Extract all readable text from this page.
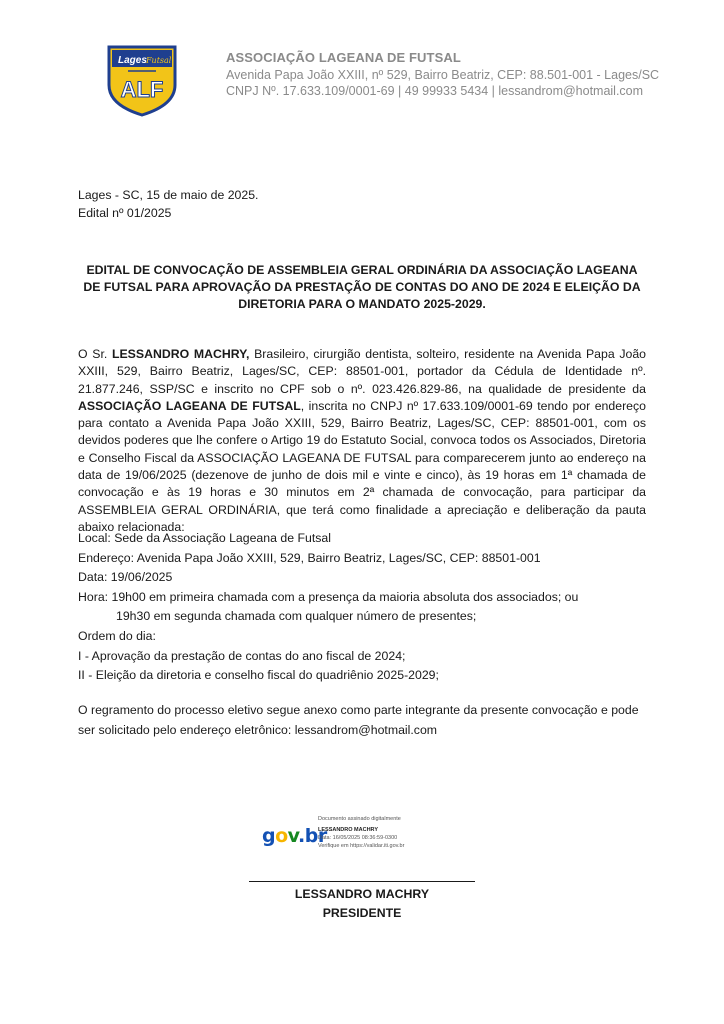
Lages Futsal
ALF
ASSOCIAÇÃO LAGEANA DE FUTSAL
Avenida Papa João XXIII, nº 529, Bairro Beatriz, CEP: 88.501-001 - Lages/SC
CNPJ Nº. 17.633.109/0001-69 | 49 99933 5434 | lessandrom@hotmail.com
Lages - SC, 15 de maio de 2025.
Edital nº 01/2025
EDITAL DE CONVOCAÇÃO DE ASSEMBLEIA GERAL ORDINÁRIA DA ASSOCIAÇÃO LAGEANA DE FUTSAL PARA APROVAÇÃO DA PRESTAÇÃO DE CONTAS DO ANO DE 2024 E ELEIÇÃO DA DIRETORIA PARA O MANDATO 2025-2029.
O Sr. LESSANDRO MACHRY, Brasileiro, cirurgião dentista, solteiro, residente na Avenida Papa João XXIII, 529, Bairro Beatriz, Lages/SC, CEP: 88501-001, portador da Cédula de Identidade nº. 21.877.246, SSP/SC e inscrito no CPF sob o nº. 023.426.829-86, na qualidade de presidente da ASSOCIAÇÃO LAGEANA DE FUTSAL, inscrita no CNPJ nº 17.633.109/0001-69 tendo por endereço para contato a Avenida Papa João XXIII, 529, Bairro Beatriz, Lages/SC, CEP: 88501-001, com os devidos poderes que lhe confere o Artigo 19 do Estatuto Social, convoca todos os Associados, Diretoria e Conselho Fiscal da ASSOCIAÇÃO LAGEANA DE FUTSAL para comparecerem junto ao endereço na data de 19/06/2025 (dezenove de junho de dois mil e vinte e cinco), às 19 horas em 1ª chamada de convocação e às 19 horas e 30 minutos em 2ª chamada de convocação, para participar da ASSEMBLEIA GERAL ORDINÁRIA, que terá como finalidade a apreciação e deliberação da pauta abaixo relacionada:
Local: Sede da Associação Lageana de Futsal
Endereço: Avenida Papa João XXIII, 529, Bairro Beatriz, Lages/SC, CEP: 88501-001
Data: 19/06/2025
Hora: 19h00 em primeira chamada com a presença da maioria absoluta dos associados; ou
19h30 em segunda chamada com qualquer número de presentes;
Ordem do dia:
I - Aprovação da prestação de contas do ano fiscal de 2024;
II - Eleição da diretoria e conselho fiscal do quadriênio 2025-2029;
O regramento do processo eletivo segue anexo como parte integrante da presente convocação e pode
ser solicitado pelo endereço eletrônico: lessandrom@hotmail.com
gov.br
Documento assinado digitalmente
LESSANDRO MACHRY
Data: 16/05/2025 08:36:59-0300
Verifique em https://validar.iti.gov.br
LESSANDRO MACHRY
PRESIDENTE
